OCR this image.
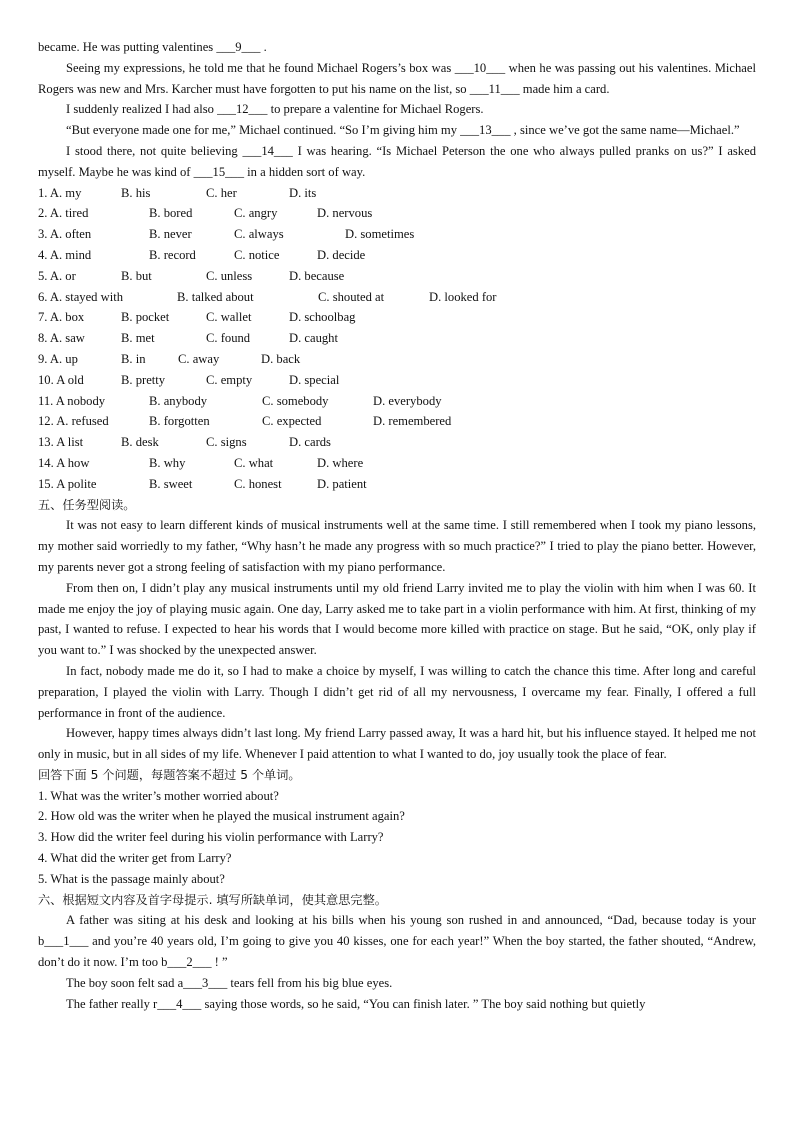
became. He was putting valentines ___9___ .

Seeing my expressions, he told me that he found Michael Rogers’s box was ___10___ when he was passing out his valentines. Michael Rogers was new and Mrs. Karcher must have forgotten to put his name on the list, so ___11___ made him a card.

I suddenly realized I had also ___12___ to prepare a valentine for Michael Rogers.

“But everyone made one for me,” Michael continued. “So I’m giving him my ___13___ , since we’ve got the same name—Michael.”

I stood there, not quite believing ___14___ I was hearing. “Is Michael Peterson the one who always pulled pranks on us?” I asked myself. Maybe he was kind of ___15___ in a hidden sort of way.

1. A. my	B. his	C. her	D. its

2. A. tired	B. bored	C. angry	D. nervous

3. A. often	B. never	C. always	D. sometimes

4. A. mind	B. record	C. notice	D. decide

5. A. or	B. but	C. unless	D. because

6. A. stayed with	B. talked about	C. shouted at	D. looked for

7. A. box	B. pocket	C. wallet	D. schoolbag

8. A. saw	B. met	C. found	D. caught

9. A. up	B. in	C. away	D. back

10. A old	B. pretty	C. empty	D. special

11. A nobody	B. anybody	C. somebody	D. everybody

12. A. refused	B. forgotten	C. expected	D. remembered

13. A list	B. desk	C. signs	D. cards

14. A how	B. why	C. what	D. where

15. A polite	B. sweet	C. honest	D. patient

五、任务型阅读。

It was not easy to learn different kinds of musical instruments well at the same time. I still remembered when I took my piano lessons, my mother said worriedly to my father, “Why hasn’t he made any progress with so much practice?” I tried to play the piano better. However, my parents never got a strong feeling of satisfaction with my piano performance.

From then on, I didn’t play any musical instruments until my old friend Larry invited me to play the violin with him when I was 60. It made me enjoy the joy of playing music again. One day, Larry asked me to take part in a violin performance with him. At first, thinking of my past, I wanted to refuse. I expected to hear his words that I would become more killed with practice on stage. But he said, “OK, only play if you want to.” I was shocked by the unexpected answer.

In fact, nobody made me do it, so I had to make a choice by myself, I was willing to catch the chance this time. After long and careful preparation, I played the violin with Larry. Though I didn’t get rid of all my nervousness, I overcame my fear. Finally, I offered a full performance in front of the audience.

However, happy times always didn’t last long. My friend Larry passed away, It was a hard hit, but his influence stayed. It helped me not only in music, but in all sides of my life. Whenever I paid attention to what I wanted to do, joy usually took the place of fear.

回答下面 5 个问题，每题答案不超过 5 个单词。

1. What was the writer’s mother worried about?

2. How old was the writer when he played the musical instrument again?

3. How did the writer feel during his violin performance with Larry?

4. What did the writer get from Larry?

5. What is the passage mainly about?

六、根据短文内容及首字母提示. 填写所缺单词，使其意思完整。

A father was siting at his desk and looking at his bills when his young son rushed in and announced, “Dad, because today is your b___1___ and you’re 40 years old, I’m going to give you 40 kisses, one for each year!” When the boy started, the father shouted, “Andrew, don’t do it now. I’m too b___2___ ! ”

The boy soon felt sad a___3___ tears fell from his big blue eyes.

The father really r___4___ saying those words, so he said, “You can finish later. ” The boy said nothing but quietly
